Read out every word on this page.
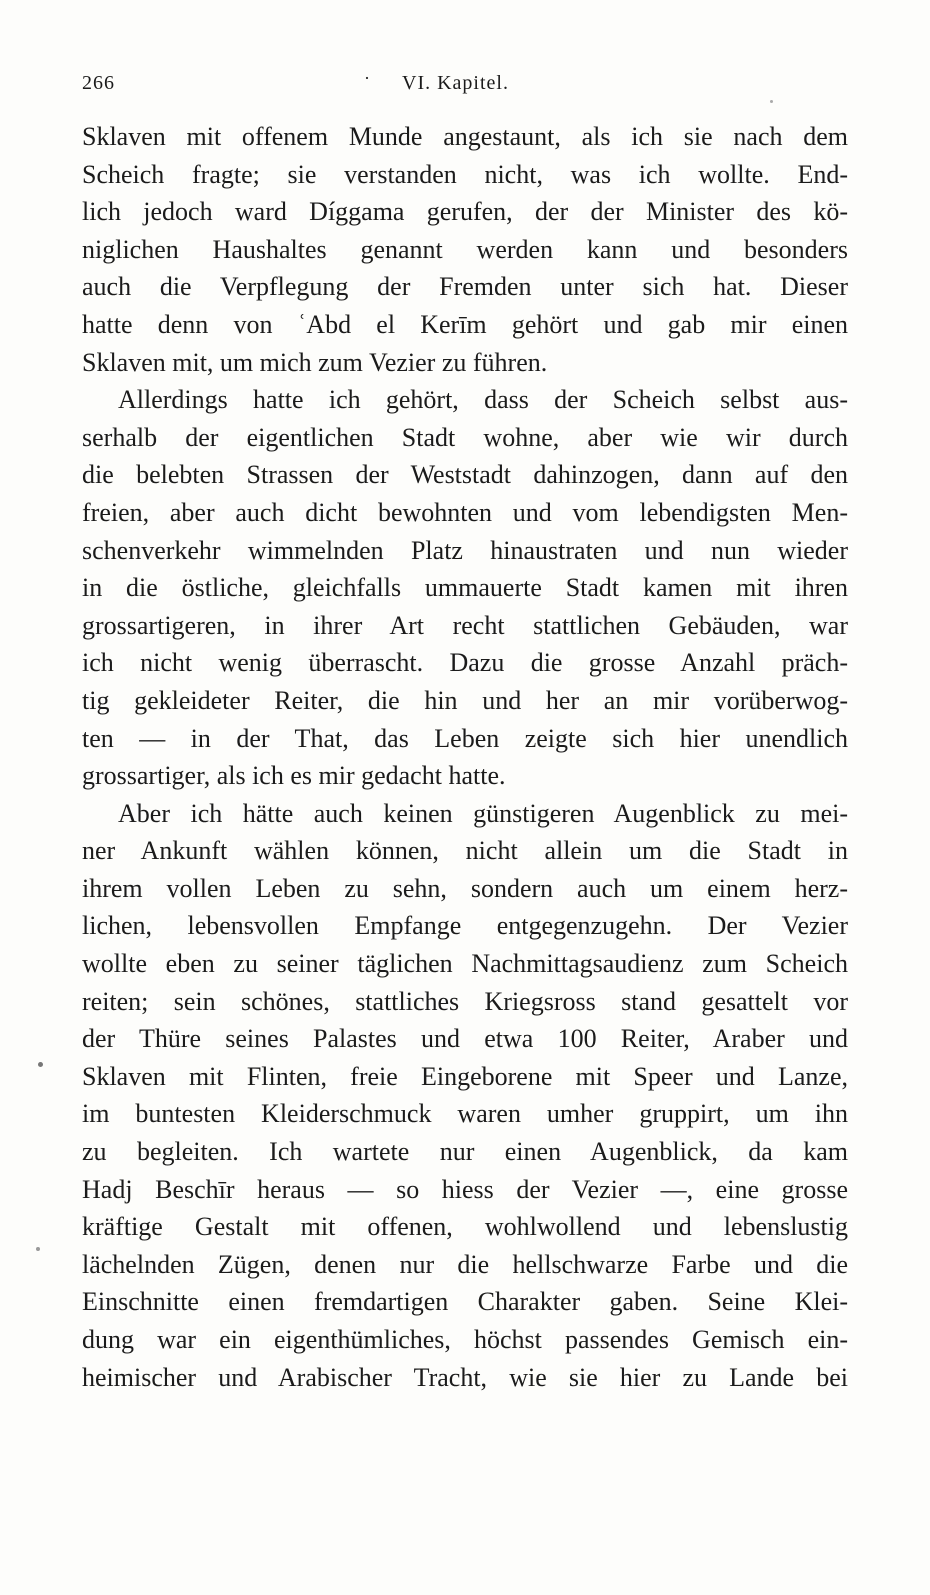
266	· VI. Kapitel.
Sklaven mit offenem Munde angestaunt, als ich sie nach dem
Scheich fragte; sie verstanden nicht, was ich wollte. End-
lich jedoch ward Díggama gerufen, der der Minister des kö-
niglichen Haushaltes genannt werden kann und besonders
auch die Verpflegung der Fremden unter sich hat. Dieser
hatte denn von ʿAbd el Kerīm gehört und gab mir einen
Sklaven mit, um mich zum Vezier zu führen.
Allerdings hatte ich gehört, dass der Scheich selbst aus-
serhalb der eigentlichen Stadt wohne, aber wie wir durch
die belebten Strassen der Weststadt dahinzogen, dann auf den
freien, aber auch dicht bewohnten und vom lebendigsten Men-
schenverkehr wimmelnden Platz hinaustraten und nun wieder
in die östliche, gleichfalls ummauerte Stadt kamen mit ihren
grossartigeren, in ihrer Art recht stattlichen Gebäuden, war
ich nicht wenig überrascht. Dazu die grosse Anzahl präch-
tig gekleideter Reiter, die hin und her an mir vorüberwog-
ten — in der That, das Leben zeigte sich hier unendlich
grossartiger, als ich es mir gedacht hatte.
Aber ich hätte auch keinen günstigeren Augenblick zu mei-
ner Ankunft wählen können, nicht allein um die Stadt in
ihrem vollen Leben zu sehn, sondern auch um einem herz-
lichen, lebensvollen Empfange entgegenzugehn. Der Vezier
wollte eben zu seiner täglichen Nachmittagsaudienz zum Scheich
reiten; sein schönes, stattliches Kriegsross stand gesattelt vor
der Thüre seines Palastes und etwa 100 Reiter, Araber und
Sklaven mit Flinten, freie Eingeborene mit Speer und Lanze,
im buntesten Kleiderschmuck waren umher gruppirt, um ihn
zu begleiten. Ich wartete nur einen Augenblick, da kam
Hadj Beschīr heraus — so hiess der Vezier —, eine grosse
kräftige Gestalt mit offenen, wohlwollend und lebenslustig
lächelnden Zügen, denen nur die hellschwarze Farbe und die
Einschnitte einen fremdartigen Charakter gaben. Seine Klei-
dung war ein eigenthümliches, höchst passendes Gemisch ein-
heimischer und Arabischer Tracht, wie sie hier zu Lande bei
